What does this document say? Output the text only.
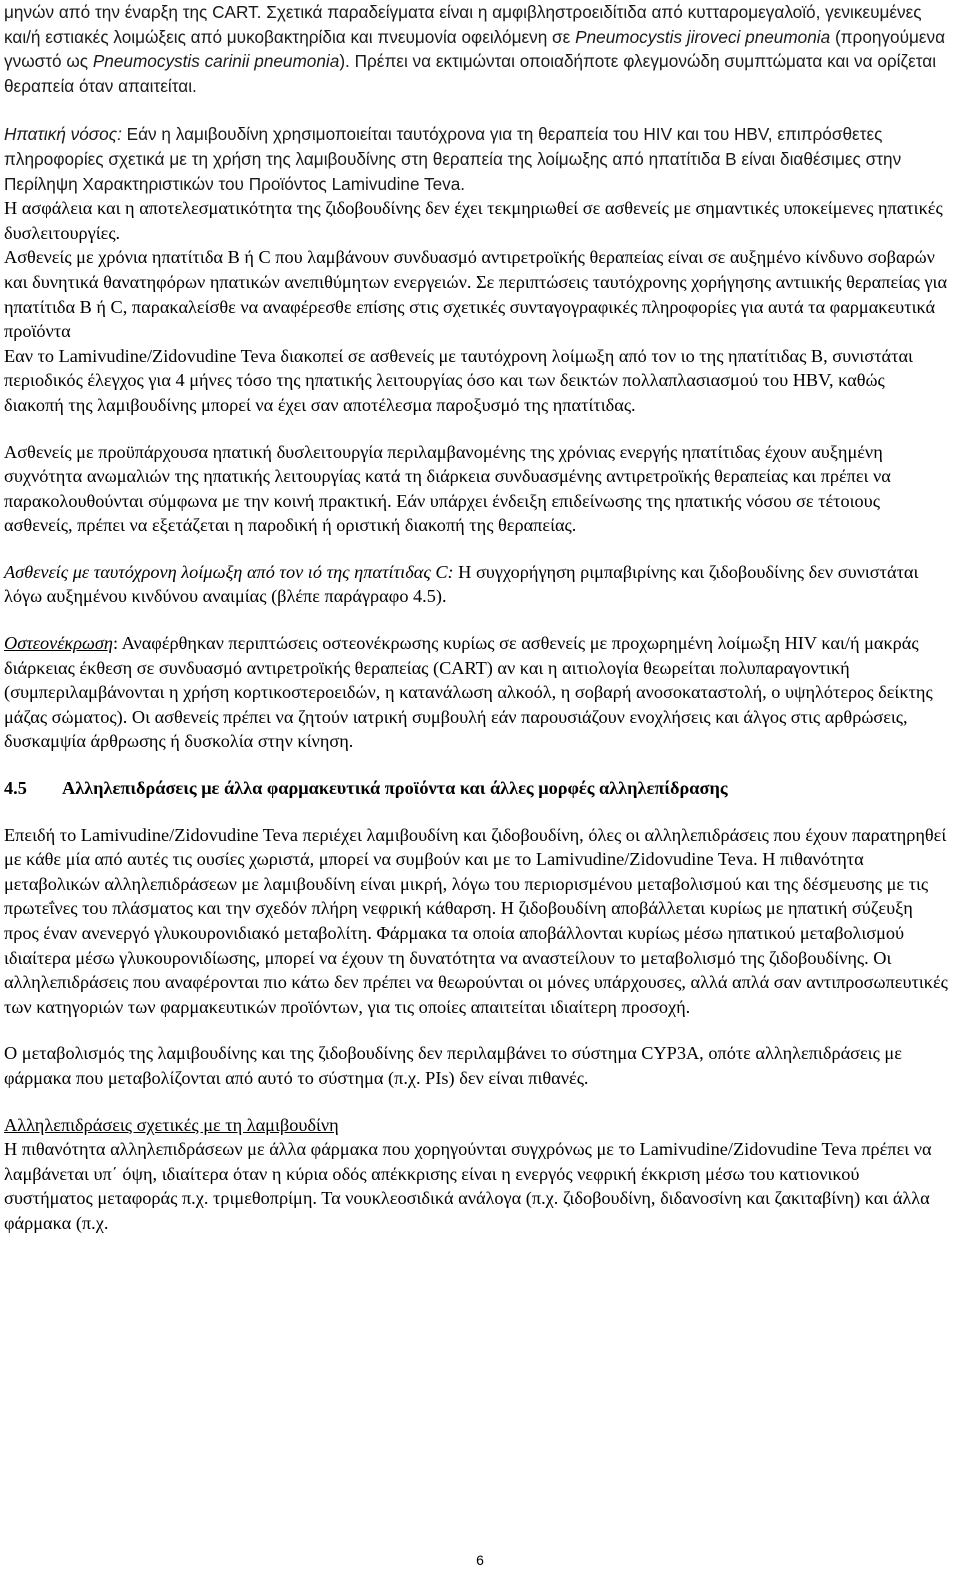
μηνών από την έναρξη της CART. Σχετικά παραδείγματα είναι η αμφιβληστροειδίτιδα από κυτταρομεγαλοϊό, γενικευμένες και/ή εστιακές λοιμώξεις από μυκοβακτηρίδια και πνευμονία οφειλόμενη σε Pneumocystis jiroveci pneumonia (προηγούμενα γνωστό ως Pneumocystis carinii pneumonia). Πρέπει να εκτιμώνται οποιαδήποτε φλεγμονώδη συμπτώματα και να ορίζεται θεραπεία όταν απαιτείται.

Ηπατική νόσος: Εάν η λαμιβουδίνη χρησιμοποιείται ταυτόχρονα για τη θεραπεία του HIV και του HBV, επιπρόσθετες πληροφορίες σχετικά με τη χρήση της λαμιβουδίνης στη θεραπεία της λοίμωξης από ηπατίτιδα B είναι διαθέσιμες στην Περίληψη Χαρακτηριστικών του Προϊόντος Lamivudine Teva.

Η ασφάλεια και η αποτελεσματικότητα της ζιδοβουδίνης δεν έχει τεκμηριωθεί σε ασθενείς με σημαντικές υποκείμενες ηπατικές δυσλειτουργίες.

Ασθενείς με χρόνια ηπατίτιδα Β ή C που λαμβάνουν συνδυασμό αντιρετροϊκής θεραπείας είναι σε αυξημένο κίνδυνο σοβαρών και δυνητικά θανατηφόρων ηπατικών ανεπιθύμητων ενεργειών. Σε περιπτώσεις ταυτόχρονης χορήγησης αντιιικής θεραπείας για ηπατίτιδα Β ή C, παρακαλείσθε να αναφέρεσθε επίσης στις σχετικές συνταγογραφικές πληροφορίες για αυτά τα φαρμακευτικά προϊόντα

Εαν το Lamivudine/Zidovudine Teva διακοπεί σε ασθενείς με ταυτόχρονη λοίμωξη από τον ιο της ηπατίτιδας B, συνιστάται περιοδικός έλεγχος για 4 μήνες τόσο της ηπατικής λειτουργίας όσο και των δεικτών πολλαπλασιασμού του HBV, καθώς διακοπή της λαμιβουδίνης μπορεί να έχει σαν αποτέλεσμα παροξυσμό της ηπατίτιδας.

Ασθενείς με προϋπάρχουσα ηπατική δυσλειτουργία περιλαμβανομένης της χρόνιας ενεργής ηπατίτιδας έχουν αυξημένη συχνότητα ανωμαλιών της ηπατικής λειτουργίας κατά τη διάρκεια συνδυασμένης αντιρετροϊκής θεραπείας και πρέπει να παρακολουθούνται σύμφωνα με την κοινή πρακτική. Εάν υπάρχει ένδειξη επιδείνωσης της ηπατικής νόσου σε τέτοιους ασθενείς, πρέπει να εξετάζεται η παροδική ή οριστική διακοπή της θεραπείας.

Ασθενείς με ταυτόχρονη λοίμωξη από τον ιό της ηπατίτιδας C: Η συγχορήγηση ριμπαβιρίνης και ζιδοβουδίνης δεν συνιστάται λόγω αυξημένου κινδύνου αναιμίας (βλέπε παράγραφο 4.5).

Οστεονέκρωση: Αναφέρθηκαν περιπτώσεις οστεονέκρωσης κυρίως σε ασθενείς με προχωρημένη λοίμωξη HIV και/ή μακράς διάρκειας έκθεση σε συνδυασμό αντιρετροϊκής θεραπείας (CART) αν και η αιτιολογία θεωρείται πολυπαραγοντική (συμπεριλαμβάνονται η χρήση κορτικοστεροειδών, η κατανάλωση αλκοόλ, η σοβαρή ανοσοκαταστολή, ο υψηλότερος δείκτης μάζας σώματος). Οι ασθενείς πρέπει να ζητούν ιατρική συμβουλή εάν παρουσιάζουν ενοχλήσεις και άλγος στις αρθρώσεις, δυσκαμψία άρθρωσης ή δυσκολία στην κίνηση.

4.5	Αλληλεπιδράσεις με άλλα φαρμακευτικά προϊόντα και άλλες μορφές αλληλεπίδρασης

Επειδή το Lamivudine/Zidovudine Teva περιέχει λαμιβουδίνη και ζιδοβουδίνη, όλες οι αλληλεπιδράσεις που έχουν παρατηρηθεί με κάθε μία από αυτές τις ουσίες χωριστά, μπορεί να συμβούν και με το Lamivudine/Zidovudine Teva. Η πιθανότητα μεταβολικών αλληλεπιδράσεων με λαμιβουδίνη είναι μικρή, λόγω του περιορισμένου μεταβολισμού και της δέσμευσης με τις πρωτεΐνες του πλάσματος και την σχεδόν πλήρη νεφρική κάθαρση. Η ζιδοβουδίνη αποβάλλεται κυρίως με ηπατική σύζευξη προς έναν ανενεργό γλυκουρονιδιακό μεταβολίτη. Φάρμακα τα οποία αποβάλλονται κυρίως μέσω ηπατικού μεταβολισμού ιδιαίτερα μέσω γλυκουρονιδίωσης, μπορεί να έχουν τη δυνατότητα να αναστείλουν το μεταβολισμό της ζιδοβουδίνης. Οι αλληλεπιδράσεις που αναφέρονται πιο κάτω δεν πρέπει να θεωρούνται οι μόνες υπάρχουσες, αλλά απλά σαν αντιπροσωπευτικές των κατηγοριών των φαρμακευτικών προϊόντων, για τις οποίες απαιτείται ιδιαίτερη προσοχή.

Ο μεταβολισμός της λαμιβουδίνης και της ζιδοβουδίνης δεν περιλαμβάνει το σύστημα CYP3A, οπότε αλληλεπιδράσεις με φάρμακα που μεταβολίζονται από αυτό το σύστημα (π.χ. PIs) δεν είναι πιθανές.

Αλληλεπιδράσεις σχετικές με τη λαμιβουδίνη

Η πιθανότητα αλληλεπιδράσεων με άλλα φάρμακα που χορηγούνται συγχρόνως με το Lamivudine/Zidovudine Teva πρέπει να λαμβάνεται υπ΄ όψη, ιδιαίτερα όταν η κύρια οδός απέκκρισης είναι η ενεργός νεφρική έκκριση μέσω του κατιονικού συστήματος μεταφοράς π.χ. τριμεθοπρίμη. Τα νουκλεοσιδικά ανάλογα (π.χ. ζιδοβουδίνη, διδανοσίνη και ζακιταβίνη) και άλλα φάρμακα (π.χ.

6
